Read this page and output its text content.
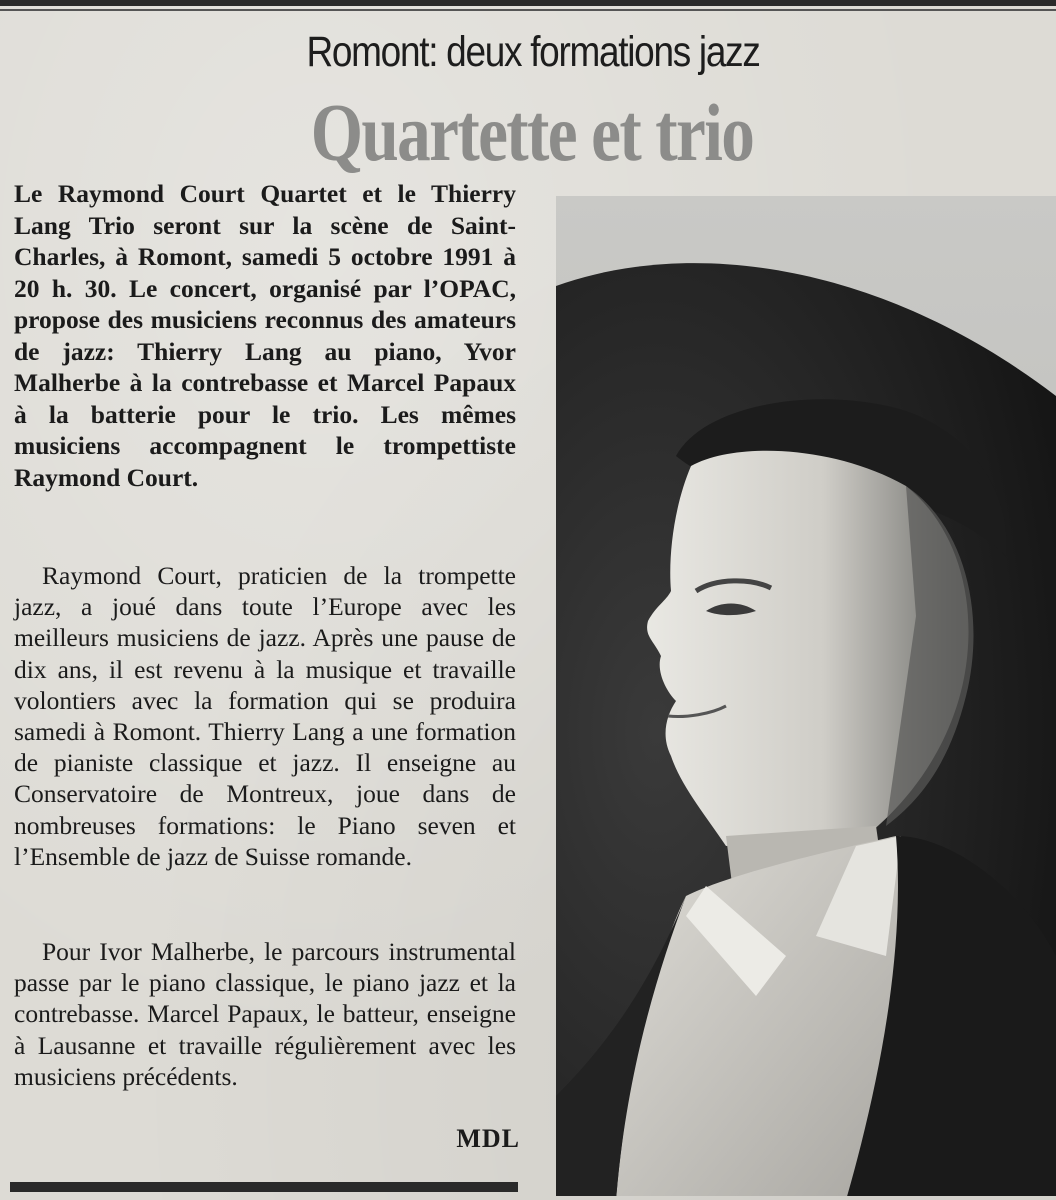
Romont: deux formations jazz
Quartette et trio
Le Raymond Court Quartet et le Thierry Lang Trio seront sur la scène de Saint-Charles, à Romont, samedi 5 octobre 1991 à 20 h. 30. Le concert, organisé par l’OPAC, propose des musiciens reconnus des amateurs de jazz: Thierry Lang au piano, Yvor Malherbe à la contrebasse et Marcel Papaux à la batterie pour le trio. Les mêmes musiciens accompagnent le trompettiste Raymond Court.
Raymond Court, praticien de la trompette jazz, a joué dans toute l’Europe avec les meilleurs musiciens de jazz. Après une pause de dix ans, il est revenu à la musique et travaille volontiers avec la formation qui se produira samedi à Romont. Thierry Lang a une formation de pianiste classique et jazz. Il enseigne au Conservatoire de Montreux, joue dans de nombreuses formations: le Piano seven et l’Ensemble de jazz de Suisse romande.
Pour Ivor Malherbe, le parcours instrumental passe par le piano classique, le piano jazz et la contrebasse. Marcel Papaux, le batteur, enseigne à Lausanne et travaille régulièrement avec les musiciens précédents.
MDL
